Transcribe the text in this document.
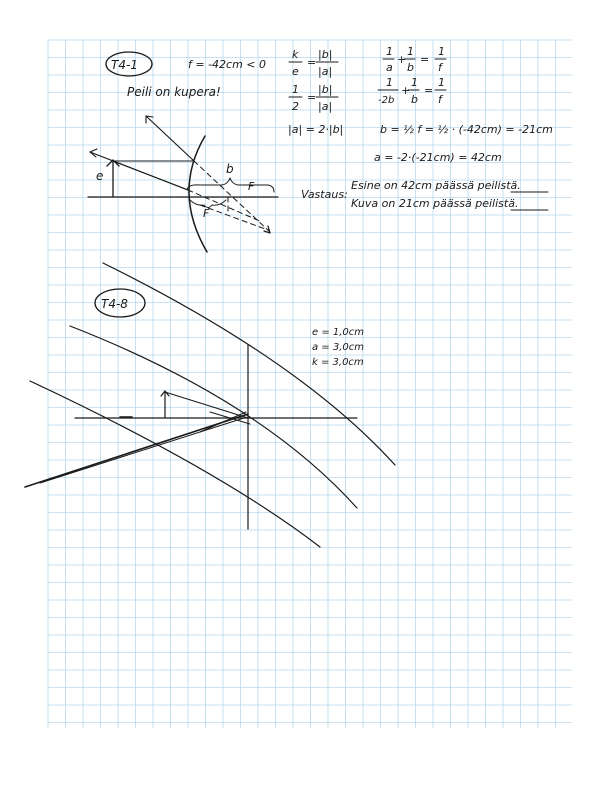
T4-1	f = -42cm < 0
Peili on kupera!
e	b
F
F
k
e
=
|b|
|a|
1
2
=
|b|
|a|
|a| = 2·|b|
1
a
+
1
b
=
1
f
1
-2b
+
1
b
=
1
f
b = ½ f = ½ · (-42cm) = -21cm
a = -2·(-21cm) = 42cm
Vastaus:
Esine on 42cm päässä peilistä.
Kuva on 21cm päässä peilistä.
T4-8
e = 1,0cm
a = 3,0cm
k = 3,0cm
